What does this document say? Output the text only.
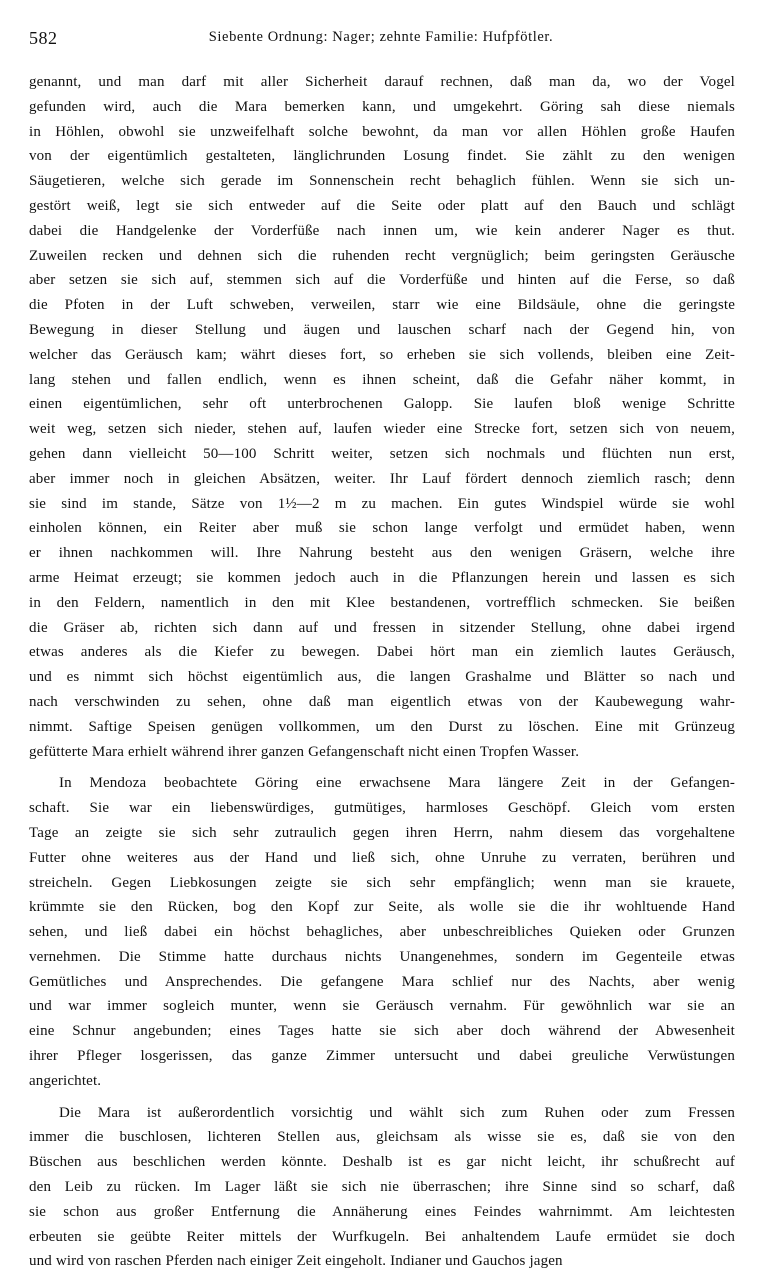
582	Siebente Ordnung: Nager; zehnte Familie: Hufpfötler.
genannt, und man darf mit aller Sicherheit darauf rechnen, daß man da, wo der Vogel
gefunden wird, auch die Mara bemerken kann, und umgekehrt. Göring sah diese niemals
in Höhlen, obwohl sie unzweifelhaft solche bewohnt, da man vor allen Höhlen große Haufen
von der eigentümlich gestalteten, länglichrunden Losung findet. Sie zählt zu den wenigen
Säugetieren, welche sich gerade im Sonnenschein recht behaglich fühlen. Wenn sie sich un-
gestört weiß, legt sie sich entweder auf die Seite oder platt auf den Bauch und schlägt
dabei die Handgelenke der Vorderfüße nach innen um, wie kein anderer Nager es thut.
Zuweilen recken und dehnen sich die ruhenden recht vergnüglich; beim geringsten Geräusche
aber setzen sie sich auf, stemmen sich auf die Vorderfüße und hinten auf die Ferse, so daß
die Pfoten in der Luft schweben, verweilen, starr wie eine Bildsäule, ohne die geringste
Bewegung in dieser Stellung und äugen und lauschen scharf nach der Gegend hin, von
welcher das Geräusch kam; währt dieses fort, so erheben sie sich vollends, bleiben eine Zeit-
lang stehen und fallen endlich, wenn es ihnen scheint, daß die Gefahr näher kommt, in
einen eigentümlichen, sehr oft unterbrochenen Galopp. Sie laufen bloß wenige Schritte
weit weg, setzen sich nieder, stehen auf, laufen wieder eine Strecke fort, setzen sich von neuem,
gehen dann vielleicht 50—100 Schritt weiter, setzen sich nochmals und flüchten nun erst,
aber immer noch in gleichen Absätzen, weiter. Ihr Lauf fördert dennoch ziemlich rasch; denn
sie sind im stande, Sätze von 1½—2 m zu machen. Ein gutes Windspiel würde sie wohl
einholen können, ein Reiter aber muß sie schon lange verfolgt und ermüdet haben, wenn
er ihnen nachkommen will. Ihre Nahrung besteht aus den wenigen Gräsern, welche ihre
arme Heimat erzeugt; sie kommen jedoch auch in die Pflanzungen herein und lassen es sich
in den Feldern, namentlich in den mit Klee bestandenen, vortrefflich schmecken. Sie beißen
die Gräser ab, richten sich dann auf und fressen in sitzender Stellung, ohne dabei irgend
etwas anderes als die Kiefer zu bewegen. Dabei hört man ein ziemlich lautes Geräusch,
und es nimmt sich höchst eigentümlich aus, die langen Grashalme und Blätter so nach und
nach verschwinden zu sehen, ohne daß man eigentlich etwas von der Kaubewegung wahr-
nimmt. Saftige Speisen genügen vollkommen, um den Durst zu löschen. Eine mit Grünzeug
gefütterte Mara erhielt während ihrer ganzen Gefangenschaft nicht einen Tropfen Wasser.
In Mendoza beobachtete Göring eine erwachsene Mara längere Zeit in der Gefangen-
schaft. Sie war ein liebenswürdiges, gutmütiges, harmloses Geschöpf. Gleich vom ersten
Tage an zeigte sie sich sehr zutraulich gegen ihren Herrn, nahm diesem das vorgehaltene
Futter ohne weiteres aus der Hand und ließ sich, ohne Unruhe zu verraten, berühren und
streicheln. Gegen Liebkosungen zeigte sie sich sehr empfänglich; wenn man sie krauete,
krümmte sie den Rücken, bog den Kopf zur Seite, als wolle sie die ihr wohltuende Hand
sehen, und ließ dabei ein höchst behagliches, aber unbeschreibliches Quieken oder Grunzen
vernehmen. Die Stimme hatte durchaus nichts Unangenehmes, sondern im Gegenteile etwas
Gemütliches und Ansprechendes. Die gefangene Mara schlief nur des Nachts, aber wenig
und war immer sogleich munter, wenn sie Geräusch vernahm. Für gewöhnlich war sie an
eine Schnur angebunden; eines Tages hatte sie sich aber doch während der Abwesenheit
ihrer Pfleger losgerissen, das ganze Zimmer untersucht und dabei greuliche Verwüstungen
angerichtet.
Die Mara ist außerordentlich vorsichtig und wählt sich zum Ruhen oder zum Fressen
immer die buschlosen, lichteren Stellen aus, gleichsam als wisse sie es, daß sie von den
Büschen aus beschlichen werden könnte. Deshalb ist es gar nicht leicht, ihr schußrecht auf
den Leib zu rücken. Im Lager läßt sie sich nie überraschen; ihre Sinne sind so scharf, daß
sie schon aus großer Entfernung die Annäherung eines Feindes wahrnimmt. Am leichtesten
erbeuten sie geübte Reiter mittels der Wurfkugeln. Bei anhaltendem Laufe ermüdet sie doch
und wird von raschen Pferden nach einiger Zeit eingeholt. Indianer und Gauchos jagen
